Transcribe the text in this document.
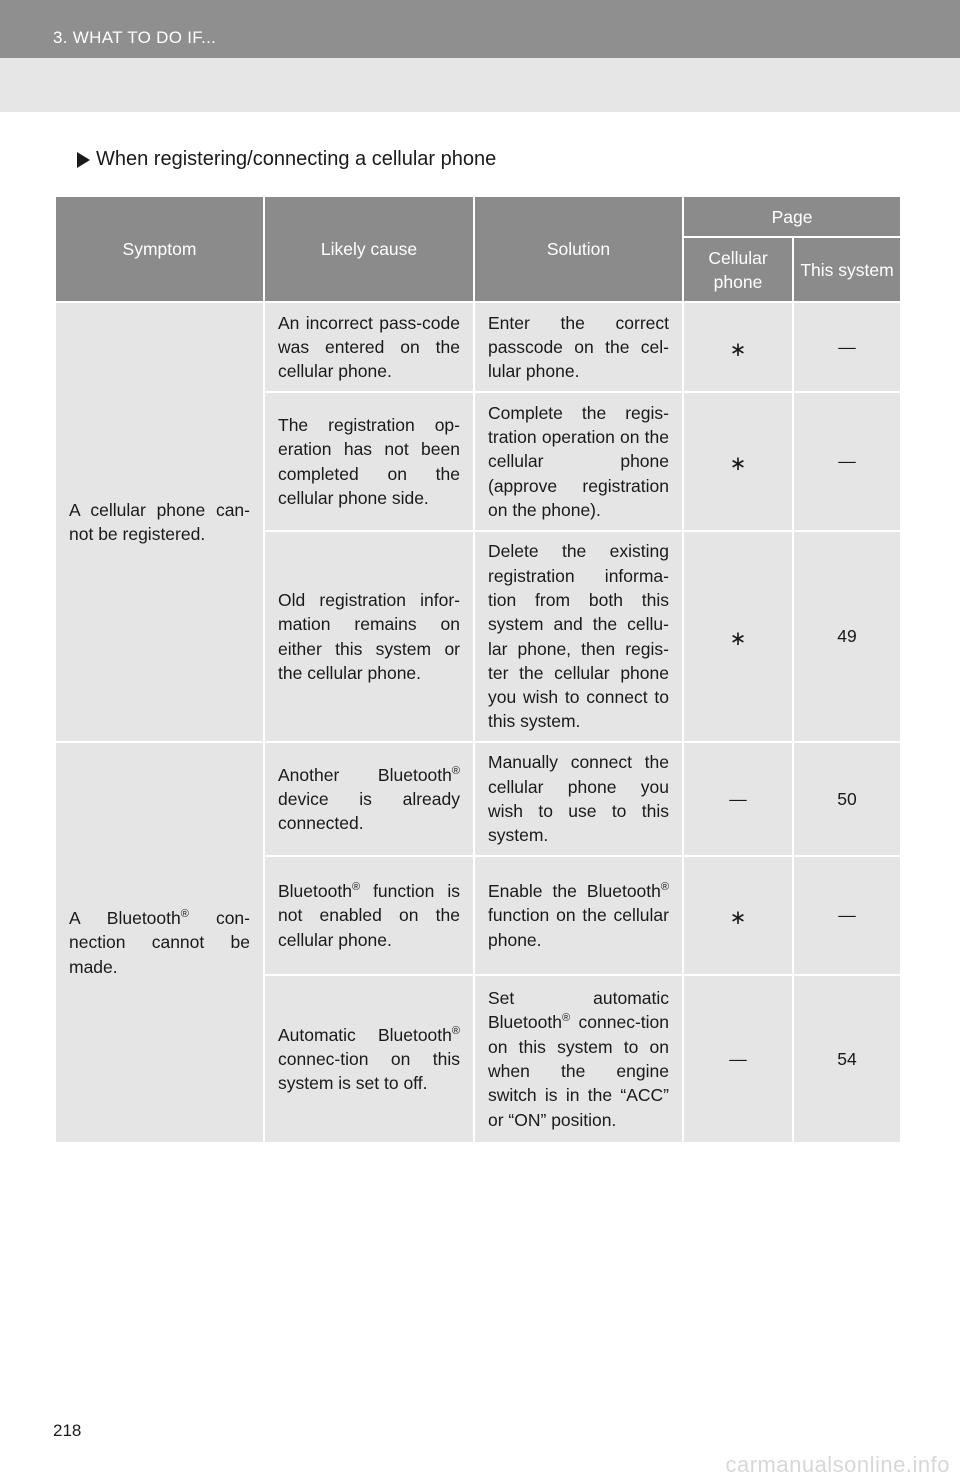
3. WHAT TO DO IF...
When registering/connecting a cellular phone
Symptom	Likely cause	Solution	Page	
			Cellular phone	This system
A cellular phone can-not be registered.	An incorrect pass-code was entered on the cellular phone.	Enter the correct passcode on the cel-lular phone.	∗	—
	The registration op-eration has not been completed on the cellular phone side.	Complete the regis-tration operation on the cellular phone (approve registration on the phone).	∗	—
	Old registration infor-mation remains on either this system or the cellular phone.	Delete the existing registration informa-tion from both this system and the cellu-lar phone, then regis-ter the cellular phone you wish to connect to this system.	∗	49
A Bluetooth® con-nection cannot be made.	Another Bluetooth® device is already connected.	Manually connect the cellular phone you wish to use to this system.	—	50
	Bluetooth® function is not enabled on the cellular phone.	Enable the Bluetooth® function on the cellular phone.	∗	—
	Automatic Bluetooth® connec-tion on this system is set to off.	Set automatic Bluetooth® connec-tion on this system to on when the engine switch is in the “ACC” or “ON” position.	—	54
218
carmanualsonline.info
